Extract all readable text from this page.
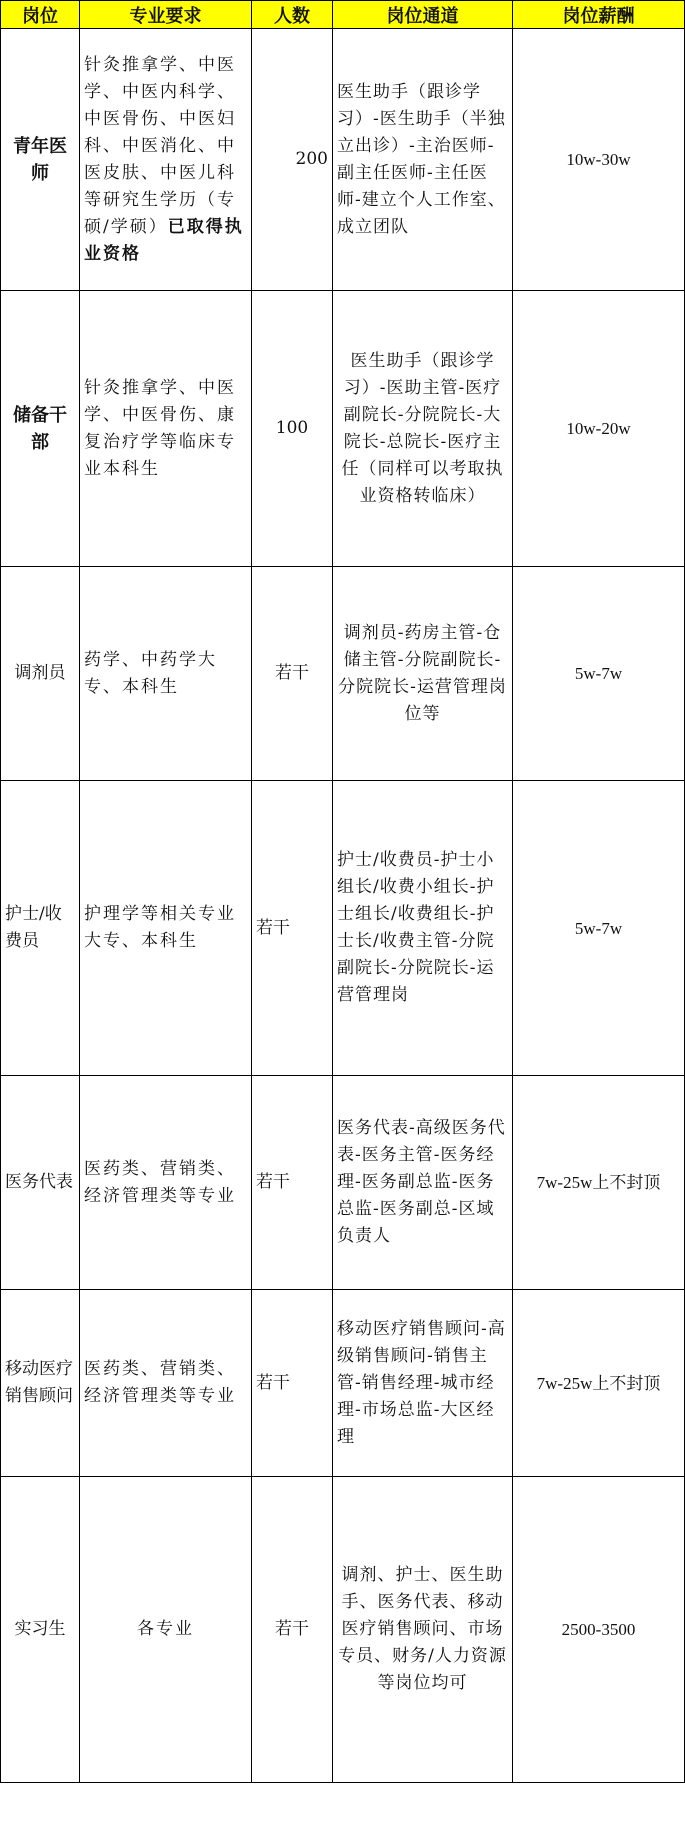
岗位	专业要求	人数	岗位通道	岗位薪酬
青年医师	针灸推拿学、中医学、中医内科学、中医骨伤、中医妇科、中医消化、中医皮肤、中医儿科等研究生学历（专硕/学硕）已取得执业资格	200	医生助手（跟诊学习）-医生助手（半独立出诊）-主治医师-副主任医师-主任医师-建立个人工作室、成立团队	10w-30w
储备干部	针灸推拿学、中医学、中医骨伤、康复治疗学等临床专业本科生	100	医生助手（跟诊学习）-医助主管-医疗副院长-分院院长-大院长-总院长-医疗主任（同样可以考取执业资格转临床）	10w-20w
调剂员	药学、中药学大专、本科生	若干	调剂员-药房主管-仓储主管-分院副院长-分院院长-运营管理岗位等	5w-7w
护士/收费员	护理学等相关专业大专、本科生	若干	护士/收费员-护士小组长/收费小组长-护士组长/收费组长-护士长/收费主管-分院副院长-分院院长-运营管理岗	5w-7w
医务代表	医药类、营销类、经济管理类等专业	若干	医务代表-高级医务代表-医务主管-医务经理-医务副总监-医务总监-医务副总-区域负责人	7w-25w上不封顶
移动医疗销售顾问	医药类、营销类、经济管理类等专业	若干	移动医疗销售顾问-高级销售顾问-销售主管-销售经理-城市经理-市场总监-大区经理	7w-25w上不封顶
实习生	各专业	若干	调剂、护士、医生助手、医务代表、移动医疗销售顾问、市场专员、财务/人力资源等岗位均可	2500-3500
